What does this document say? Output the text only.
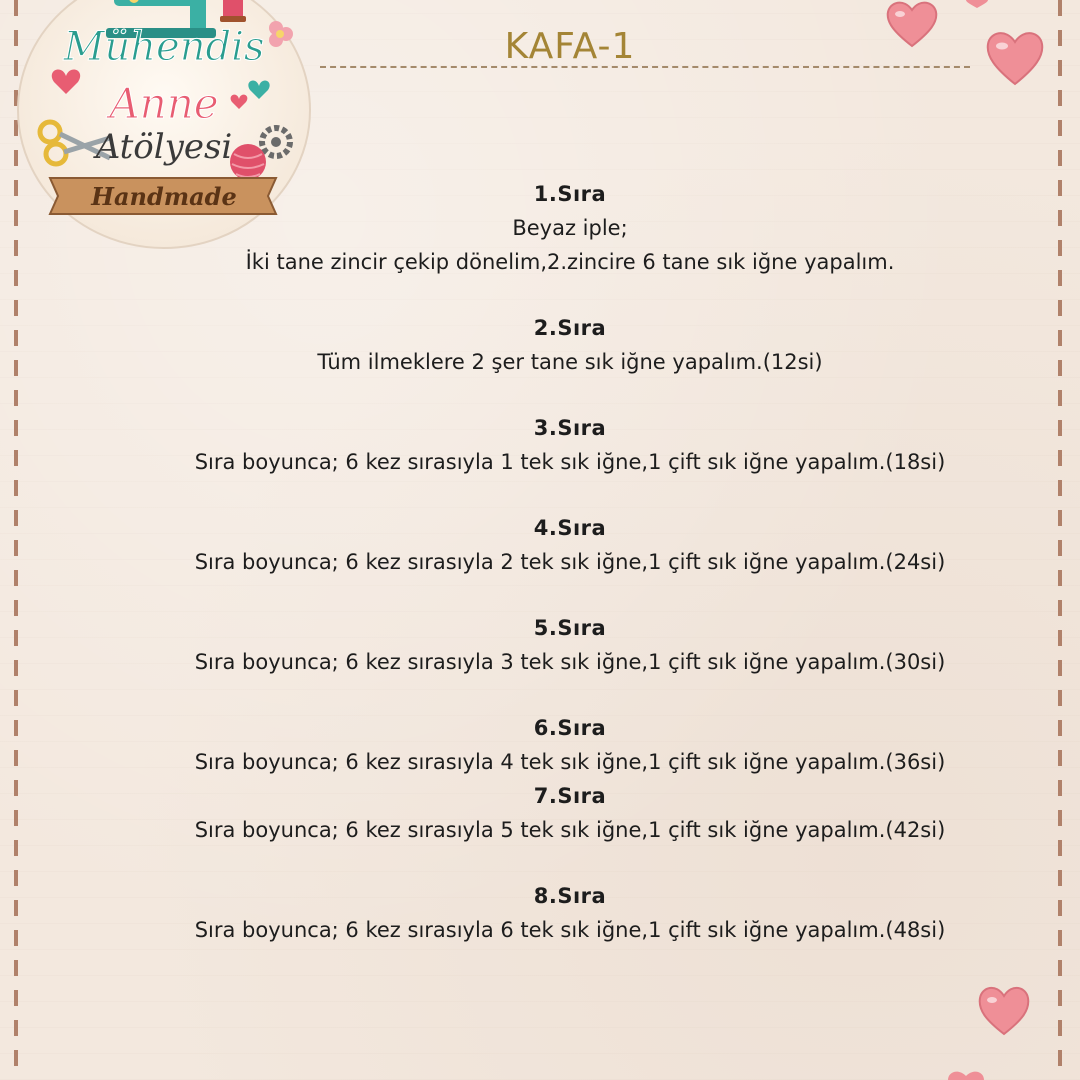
Mühendis
Anne
Atölyesi
Handmade
KAFA-1
1.Sıra
Beyaz iple;
İki tane zincir çekip dönelim,2.zincire 6 tane sık iğne yapalım.
2.Sıra
Tüm ilmeklere 2 şer tane sık iğne yapalım.(12si)
3.Sıra
Sıra boyunca; 6 kez sırasıyla 1 tek sık iğne,1 çift sık iğne yapalım.(18si)
4.Sıra
Sıra boyunca; 6 kez sırasıyla 2 tek sık iğne,1 çift sık iğne yapalım.(24si)
5.Sıra
Sıra boyunca; 6 kez sırasıyla 3 tek sık iğne,1 çift sık iğne yapalım.(30si)
6.Sıra
Sıra boyunca; 6 kez sırasıyla 4 tek sık iğne,1 çift sık iğne yapalım.(36si)
7.Sıra
Sıra boyunca; 6 kez sırasıyla 5 tek sık iğne,1 çift sık iğne yapalım.(42si)
8.Sıra
Sıra boyunca; 6 kez sırasıyla 6 tek sık iğne,1 çift sık iğne yapalım.(48si)
